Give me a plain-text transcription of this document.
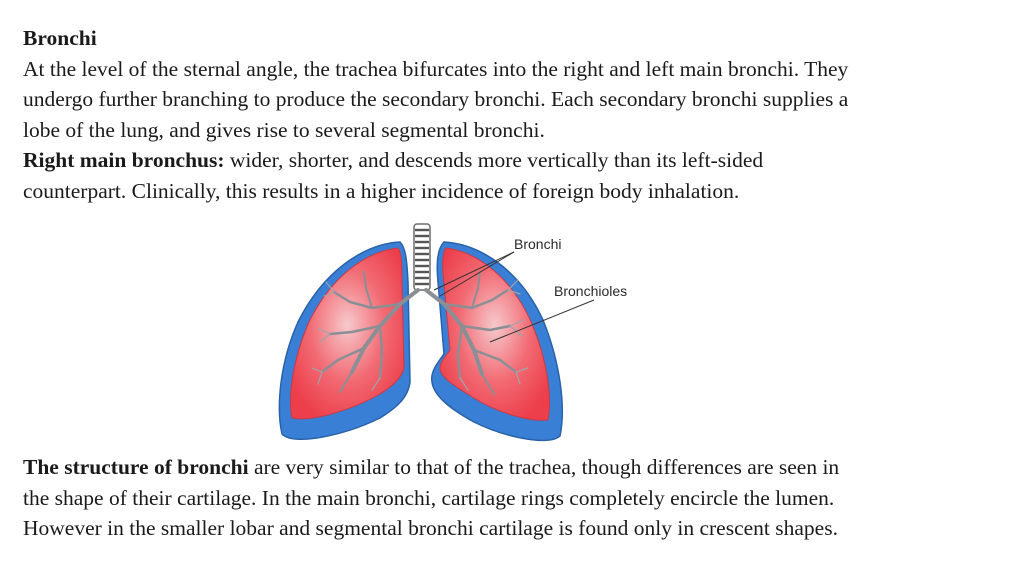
Bronchi
At the level of the sternal angle, the trachea bifurcates into the right and left main bronchi. They
undergo further branching to produce the secondary bronchi. Each secondary bronchi supplies a
lobe of the lung, and gives rise to several segmental bronchi.
Right main bronchus: wider, shorter, and descends more vertically than its left-sided
counterpart. Clinically, this results in a higher incidence of foreign body inhalation.
Bronchi
Bronchioles
The structure of bronchi are very similar to that of the trachea, though differences are seen in
the shape of their cartilage. In the main bronchi, cartilage rings completely encircle the lumen.
However in the smaller lobar and segmental bronchi cartilage is found only in crescent shapes.
